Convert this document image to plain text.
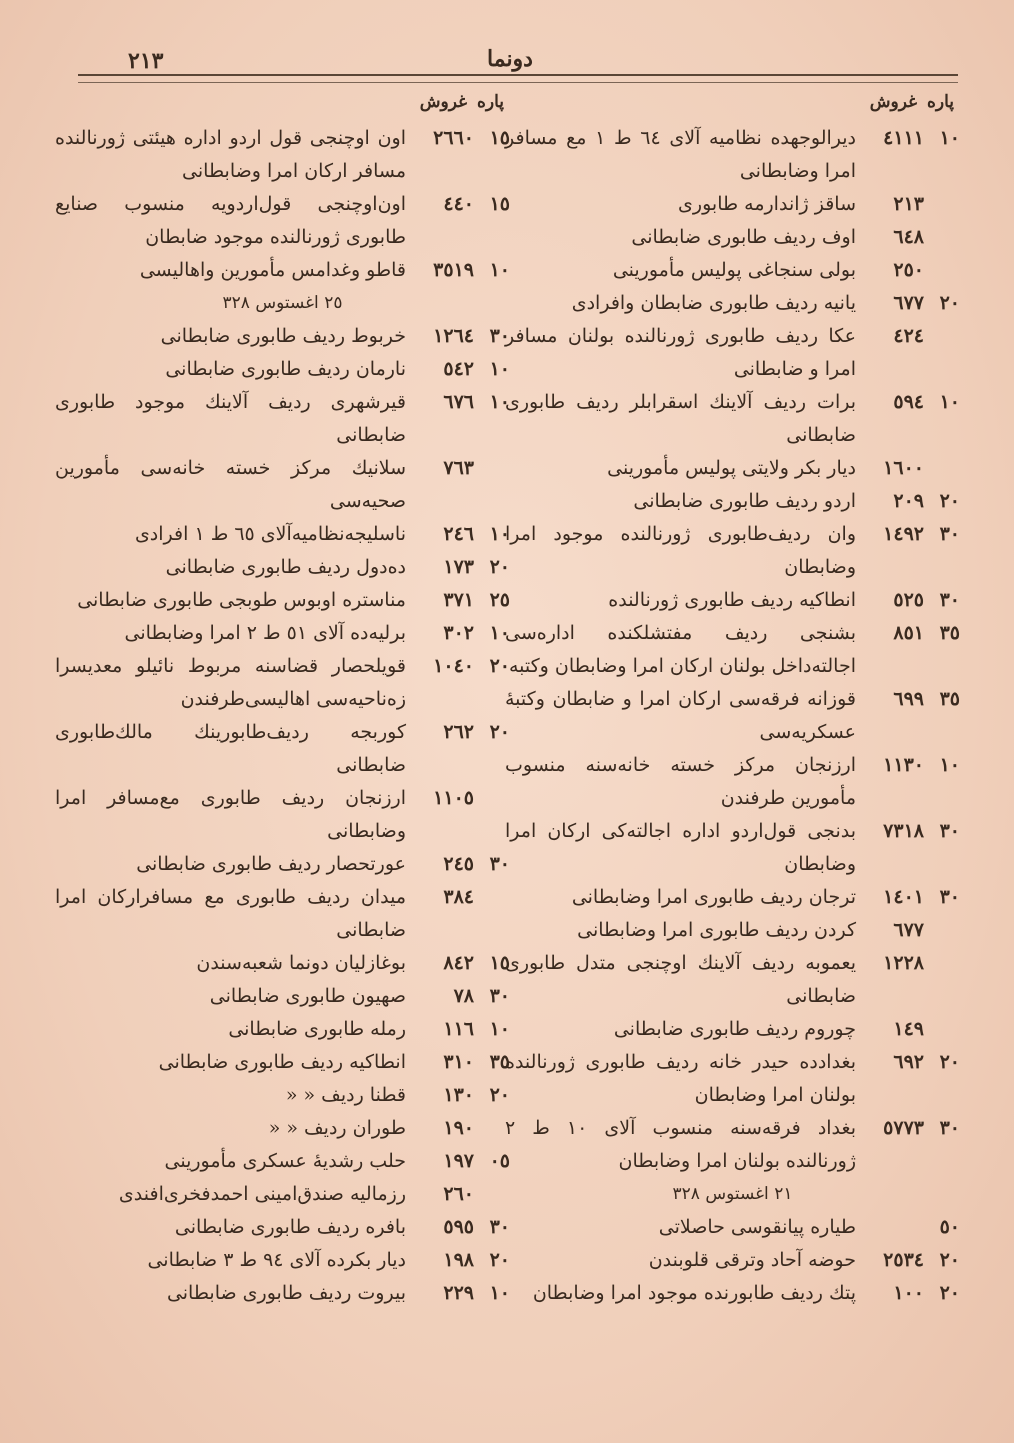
٢١٣	دونما
پاره
غروش
١٠
٤١١١
دیرالوجهده نظامیه آلای ٦٤ ط ١ مع مسافر امرا وضابطانی
٢١٣
ساقز ژاندارمه طابوری
٦٤٨
اوف ردیف طابوری ضابطانی
٢٥٠
بولی سنجاغی پولیس مأمورینی
٢٠
٦٧٧
یانیه ردیف طابوری ضابطان وافرادی
٤٢٤
عکا ردیف طابوری ژورنالنده بولنان مسافر امرا و ضابطانی
١٠
٥٩٤
برات ردیف آلاینك اسقرابلر ردیف طابوری ضابطانی
١٦٠٠
دیار بکر ولایتی پولیس مأمورینی
٢٠
٢٠٩
اردو ردیف طابوری ضابطانی
٣٠
١٤٩٢
وان ردیف‌طابوری ژورنالنده موجود امرا وضابطان
٣٠
٥٢٥
انطاکیه ردیف طابوری ژورنالنده
٣٥
٨٥١
بشنجی ردیف مفتشلکنده اداره‌سی اجالته‌داخل بولنان ارکان امرا وضابطان وکتبه
٣٥
٦٩٩
قوزانه فرقه‌سی ارکان امرا و ضابطان وکتبهٔ عسکریه‌سی
١٠
١١٣٠
ارزنجان مرکز خسته خانه‌سنه منسوب مأمورین طرفندن
٣٠
٧٣١٨
بدنجی قول‌اردو اداره اجالته‌کی ارکان امرا وضابطان
٣٠
١٤٠١
ترجان ردیف طابوری امرا وضابطانی
٦٧٧
کردن ردیف طابوری امرا وضابطانی
١٢٢٨
یعموبه ردیف آلاینك اوچنجی متدل طابوری ضابطانی
١٤٩
چوروم ردیف طابوری ضابطانی
٢٠
٦٩٢
بغدادده حیدر خانه ردیف طابوری ژورنالنده بولنان امرا وضابطان
٣٠
٥٧٧٣
بغداد فرقه‌سنه منسوب آلای ١٠ ط ٢ ژورنالنده بولنان امرا وضابطان
٢١ اغستوس ٣٢٨
٥٠
طیاره پیانقوسی حاصلاتی
٢٠
٢٥٣٤
حوضه آحاد وترقی قلوبندن
٢٠
١٠٠
پتك ردیف طابورنده موجود امرا وضابطان
پاره
غروش
١٥
٢٦٦٠
اون اوچنجی قول اردو اداره هیئتی ژورنالنده مسافر ارکان امرا وضابطانی
١٥
٤٤٠
اون‌اوچنجی قول‌اردویه منسوب صنایع طابوری ژورنالنده موجود ضابطان
١٠
٣٥١٩
قاطو وغدامس مأمورین واهالیسی
٢٥ اغستوس ٣٢٨
٣٠
١٢٦٤
خربوط ردیف طابوری ضابطانی
١٠
٥٤٢
نارمان ردیف طابوری ضابطانی
١٠
٦٧٦
قیرشهری ردیف آلاینك موجود طابوری ضابطانی
٧٦٣
سلانیك مرکز خسته خانه‌سی مأمورین صحیه‌سی
١٠
٢٤٦
ناسلیجه‌نظامیه‌آلای ٦٥ ط ١ افرادی
٢٠
١٧٣
ده‌دول ردیف طابوری ضابطانی
٢٥
٣٧١
مناستره اوبوس طوبجی طابوری ضابطانی
١٠
٣٠٢
برلیه‌ده آلای ٥١ ط ٢ امرا وضابطانی
٢٠
١٠٤٠
قویلحصار قضاسنه مربوط نائیلو معدیسرا زه‌ناحیه‌سی اهالیسی‌طرفندن
٢٠
٢٦٢
کوربجه ردیف‌طابورینك مالك‌طابوری ضابطانی
١١٠٥
ارزنجان ردیف طابوری مع‌مسافر امرا وضابطانی
٣٠
٢٤٥
عورتحصار ردیف طابوری ضابطانی
٣٨٤
میدان ردیف طابوری مع مسافرارکان امرا ضابطانی
١٥
٨٤٢
بوغازلیان دونما شعبه‌سندن
٣٠
٧٨
صهیون طابوری ضابطانی
١٠
١١٦
رمله طابوری ضابطانی
٣٥
٣١٠
انطاکیه ردیف طابوری ضابطانی
٢٠
١٣٠
قطنا ردیف « «
١٩٠
طوران ردیف « «
٠٥
١٩٧
حلب رشدیهٔ عسکری مأمورینی
٢٦٠
رزمالیه صندق‌امینی احمدفخری‌افندی
٣٠
٥٩٥
بافره ردیف طابوری ضابطانی
٢٠
١٩٨
دیار بکرده آلای ٩٤ ط ٣ ضابطانی
١٠
٢٢٩
بیروت ردیف طابوری ضابطانی
